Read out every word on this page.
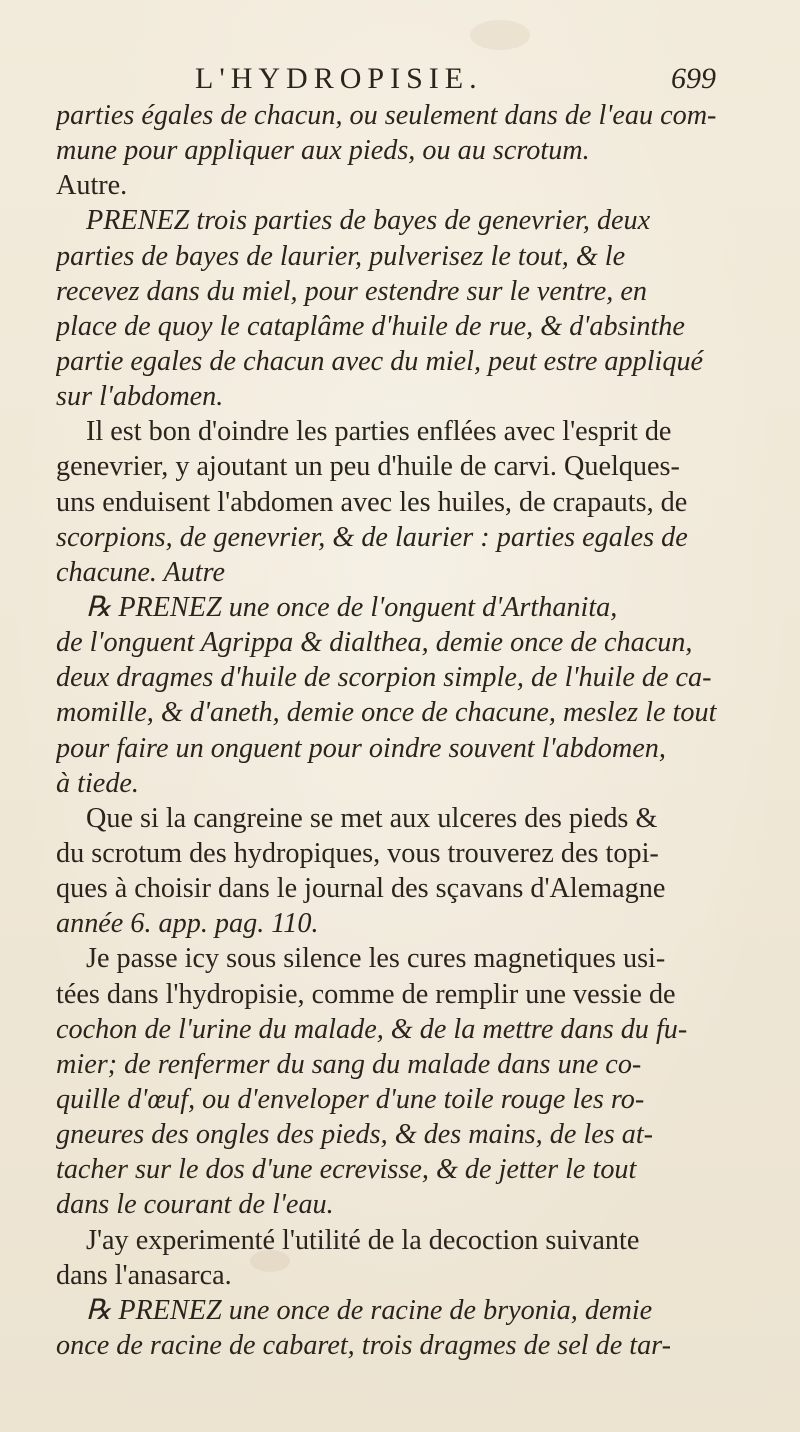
L'HYDROPISIE.	699
parties égales de chacun, ou seulement dans de l'eau com-
mune pour appliquer aux pieds, ou au scrotum.
Autre.
PRENEZ trois parties de bayes de genevrier, deux
parties de bayes de laurier, pulverisez le tout, & le
recevez dans du miel, pour estendre sur le ventre, en
place de quoy le cataplâme d'huile de rue, & d'absinthe
partie egales de chacun avec du miel, peut estre appliqué
sur l'abdomen.
Il est bon d'oindre les parties enflées avec l'esprit de
genevrier, y ajoutant un peu d'huile de carvi. Quelques-
uns enduisent l'abdomen avec les huiles, de crapauts, de
scorpions, de genevrier, & de laurier : parties egales de
chacune. Autre
℞ PRENEZ une once de l'onguent d'Arthanita,
de l'onguent Agrippa & dialthea, demie once de chacun,
deux dragmes d'huile de scorpion simple, de l'huile de ca-
momille, & d'aneth, demie once de chacune, meslez le tout
pour faire un onguent pour oindre souvent l'abdomen,
à tiede.
Que si la cangreine se met aux ulceres des pieds &
du scrotum des hydropiques, vous trouverez des topi-
ques à choisir dans le journal des sçavans d'Alemagne
année 6. app. pag. 110.
Je passe icy sous silence les cures magnetiques usi-
tées dans l'hydropisie, comme de remplir une vessie de
cochon de l'urine du malade, & de la mettre dans du fu-
mier; de renfermer du sang du malade dans une co-
quille d'œuf, ou d'enveloper d'une toile rouge les ro-
gneures des ongles des pieds, & des mains, de les at-
tacher sur le dos d'une ecrevisse, & de jetter le tout
dans le courant de l'eau.
J'ay experimenté l'utilité de la decoction suivante
dans l'anasarca.
℞ PRENEZ une once de racine de bryonia, demie
once de racine de cabaret, trois dragmes de sel de tar-
